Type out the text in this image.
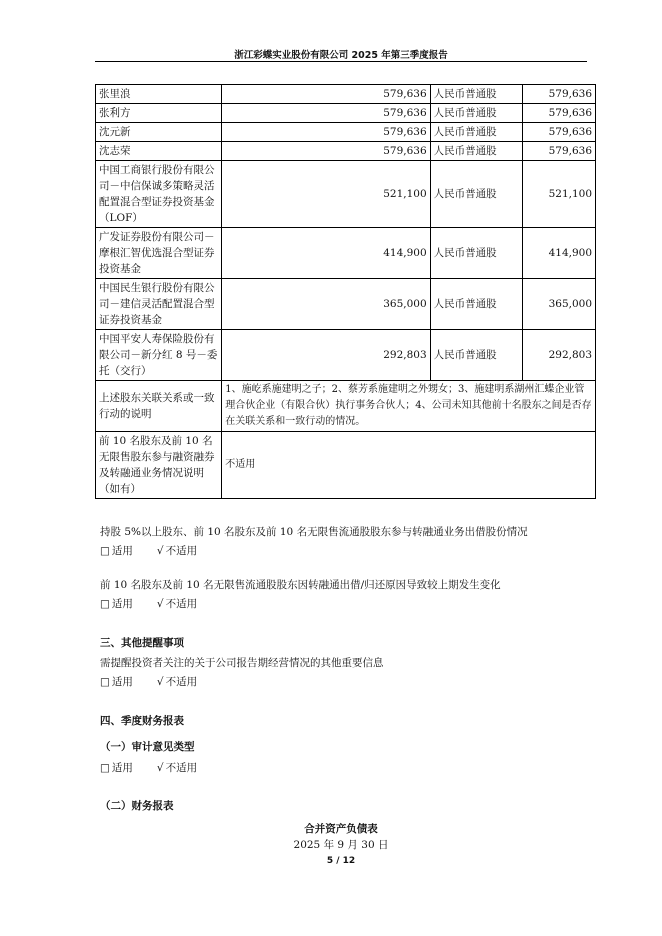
浙江彩蝶实业股份有限公司 2025 年第三季度报告
张里浪	579,636	人民币普通股	579,636
张利方	579,636	人民币普通股	579,636
沈元新	579,636	人民币普通股	579,636
沈志荣	579,636	人民币普通股	579,636
中国工商银行股份有限公司－中信保诚多策略灵活配置混合型证券投资基金（LOF）	521,100	人民币普通股	521,100
广发证券股份有限公司－摩根汇智优选混合型证券投资基金	414,900	人民币普通股	414,900
中国民生银行股份有限公司－建信灵活配置混合型证券投资基金	365,000	人民币普通股	365,000
中国平安人寿保险股份有限公司－新分红 8 号－委托（交行）	292,803	人民币普通股	292,803
上述股东关联关系或一致行动的说明	1、施屹系施建明之子；2、蔡芳系施建明之外甥女；3、施建明系湖州汇蝶企业管理合伙企业（有限合伙）执行事务合伙人；4、公司未知其他前十名股东之间是否存在关联关系和一致行动的情况。		
前 10 名股东及前 10 名无限售股东参与融资融券及转融通业务情况说明（如有）	不适用		
持股 5%以上股东、前 10 名股东及前 10 名无限售流通股股东参与转融通业务出借股份情况
□ 适用 √ 不适用
前 10 名股东及前 10 名无限售流通股股东因转融通出借/归还原因导致较上期发生变化
□ 适用 √ 不适用
三、其他提醒事项
需提醒投资者关注的关于公司报告期经营情况的其他重要信息
□ 适用 √ 不适用
四、季度财务报表
（一）审计意见类型
□ 适用 √ 不适用
（二）财务报表
合并资产负债表
2025 年 9 月 30 日
5 / 12
